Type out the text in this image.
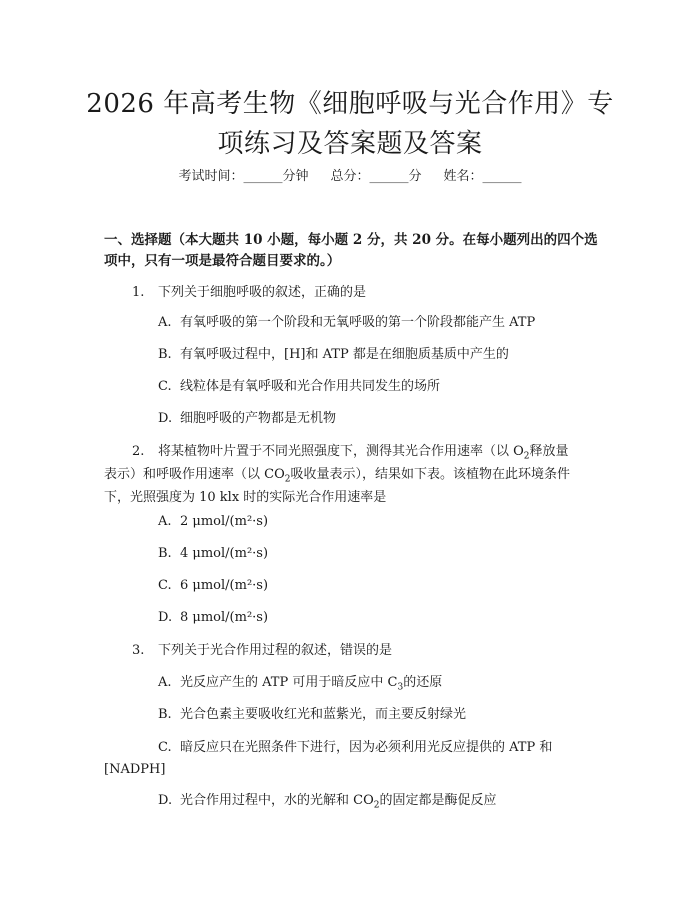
2026 年高考生物《细胞呼吸与光合作用》专
项练习及答案题及答案
考试时间：______分钟 总分：______分 姓名：______
一、选择题（本大题共 10 小题，每小题 2 分，共 20 分。在每小题列出的四个选
项中，只有一项是最符合题目要求的。）
1. 下列关于细胞呼吸的叙述，正确的是
A. 有氧呼吸的第一个阶段和无氧呼吸的第一个阶段都能产生 ATP
B. 有氧呼吸过程中，[H]和 ATP 都是在细胞质基质中产生的
C. 线粒体是有氧呼吸和光合作用共同发生的场所
D. 细胞呼吸的产物都是无机物
2. 将某植物叶片置于不同光照强度下，测得其光合作用速率（以 $O_2$释放量
表示）和呼吸作用速率（以 $CO_2$吸收量表示），结果如下表。该植物在此环境条件
下，光照强度为 10 klx 时的实际光合作用速率是
A. 2 μmol/(m²·s)
B. 4 μmol/(m²·s)
C. 6 μmol/(m²·s)
D. 8 μmol/(m²·s)
3. 下列关于光合作用过程的叙述，错误的是
A. 光反应产生的 ATP 可用于暗反应中 $C_3$的还原
B. 光合色素主要吸收红光和蓝紫光，而主要反射绿光
C. 暗反应只在光照条件下进行，因为必须利用光反应提供的 ATP 和
[NADPH]
D. 光合作用过程中，水的光解和 $CO_2$的固定都是酶促反应
